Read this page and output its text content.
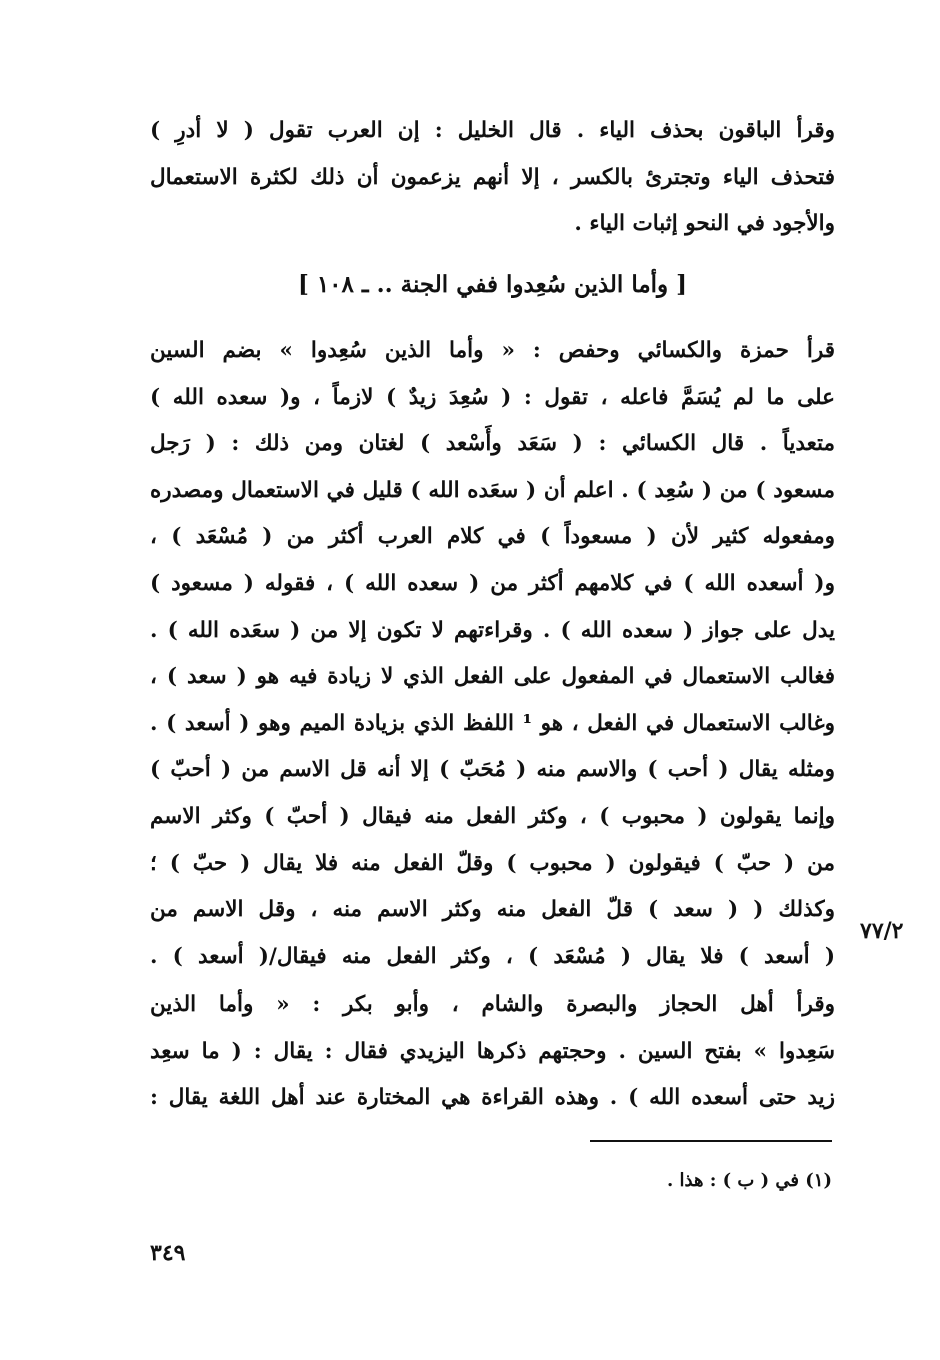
وقرأ الباقون بحذف الياء . قال الخليل : إن العرب تقول ( لا أدرِ )
فتحذف الياء وتجترئ بالكسر ، إلا أنهم يزعمون أن ذلك لكثرة الاستعمال
والأجود في النحو إثبات الياء .
[ وأما الذين سُعِدوا ففي الجنة .. ـ ١٠٨ ]
قرأ حمزة والكسائي وحفص : « وأما الذين سُعِدوا » بضم السين
على ما لم يُسَمَّ فاعله ، تقول : ( سُعِدَ زيدٌ ) لازماً ، و( سعده الله )
متعدياً . قال الكسائي : ( سَعَد وأَسْعد ) لغتان ومن ذلك : ( رَجل
مسعود ) من ( سُعِد ) . اعلم أن ( سعَده الله ) قليل في الاستعمال ومصدره
ومفعوله كثير لأن ( مسعوداً ) في كلام العرب أكثر من ( مُسْعَد ) ،
و( أسعده الله ) في كلامهم أكثر من ( سعده الله ) ، فقوله ( مسعود )
يدل على جواز ( سعده الله ) . وقراءتهم لا تكون إلا من ( سعَده الله ) .
فغالب الاستعمال في المفعول على الفعل الذي لا زيادة فيه هو ( سعد ) ،
وغالب الاستعمال في الفعل ، هو ¹ اللفظ الذي بزيادة الميم وهو ( أسعد ) .
ومثله يقال ( أحب ) والاسم منه ( مُحَبّ ) إلا أنه قل الاسم من ( أحبّ )
وإنما يقولون ( محبوب ) ، وكثر الفعل منه فيقال ( أحبّ ) وكثر الاسم
من ( حبّ ) فيقولون ( محبوب ) وقلّ الفعل منه فلا يقال ( حبّ ) ؛
وكذلك ( ( سعد ) قلّ الفعل منه وكثر الاسم منه ، وقل الاسم من
( أسعد ) فلا يقال ( مُسْعَد ) ، وكثر الفعل منه فيقال/( أسعد ) .
٧٧/٢
وقرأ أهل الحجاز والبصرة والشام ، وأبو بكر : « وأما الذين
سَعِدوا » بفتح السين . وحجتهم ذكرها اليزيدي فقال : يقال : ( ما سعِد
زيد حتى أسعده الله ) . وهذه القراءة هي المختارة عند أهل اللغة يقال :
(١) في ( ب ) : هذا .
٣٤٩
